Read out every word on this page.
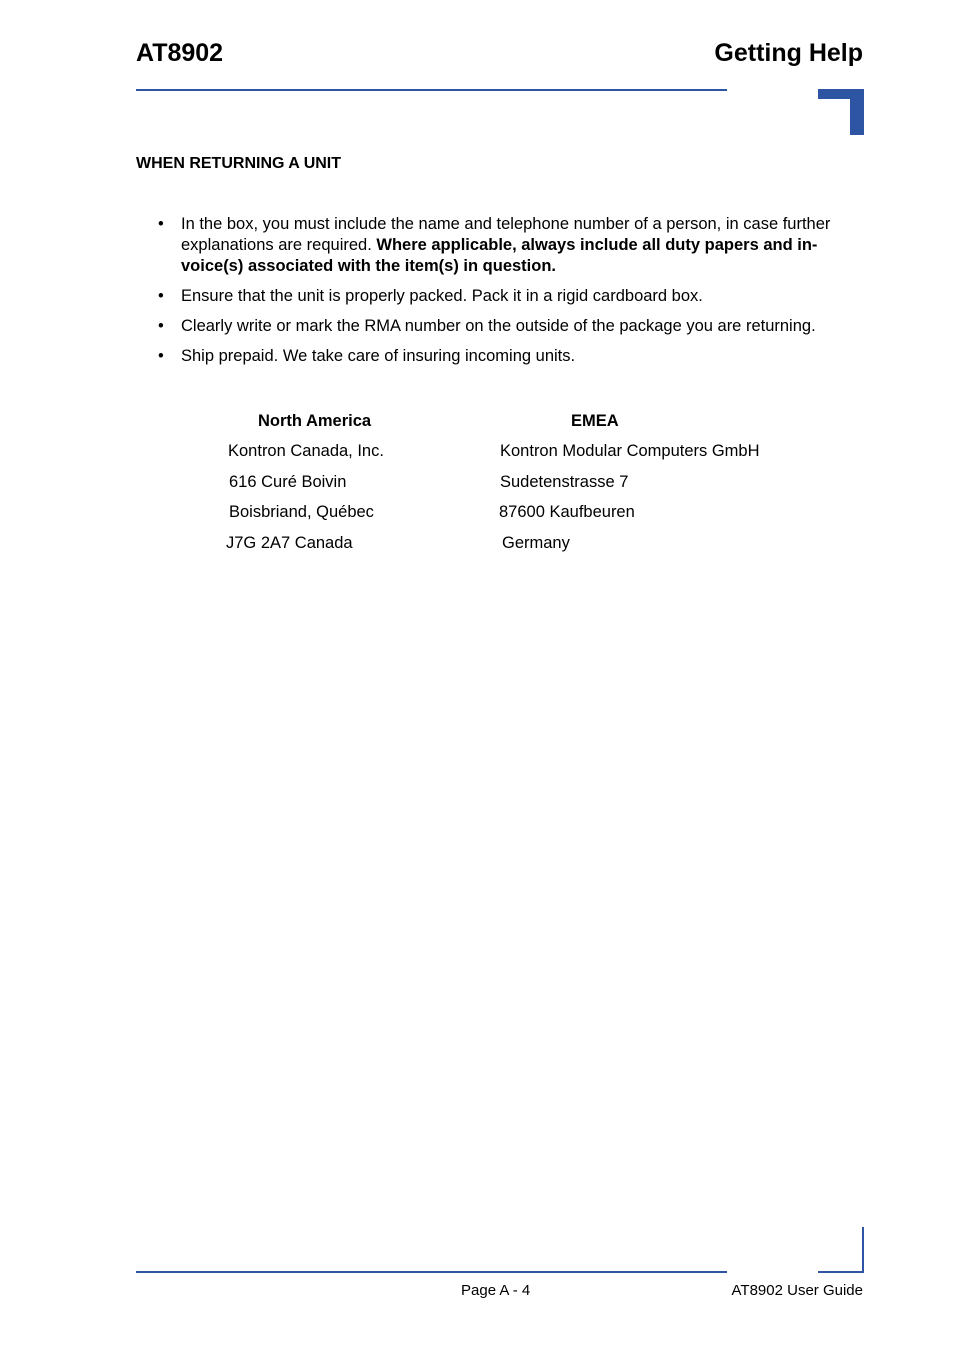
AT8902	Getting Help
WHEN RETURNING A UNIT
• In the box, you must include the name and telephone number of a person, in case further explanations are required. Where applicable, always include all duty papers and in-voice(s) associated with the item(s) in question.
• Ensure that the unit is properly packed. Pack it in a rigid cardboard box.
• Clearly write or mark the RMA number on the outside of the package you are returning.
• Ship prepaid. We take care of insuring incoming units.
North America
Kontron Canada, Inc.
616 Curé Boivin
Boisbriand, Québec
J7G 2A7 Canada
EMEA
Kontron Modular Computers GmbH
Sudetenstrasse 7
87600 Kaufbeuren
Germany
Page A - 4	AT8902 User Guide
